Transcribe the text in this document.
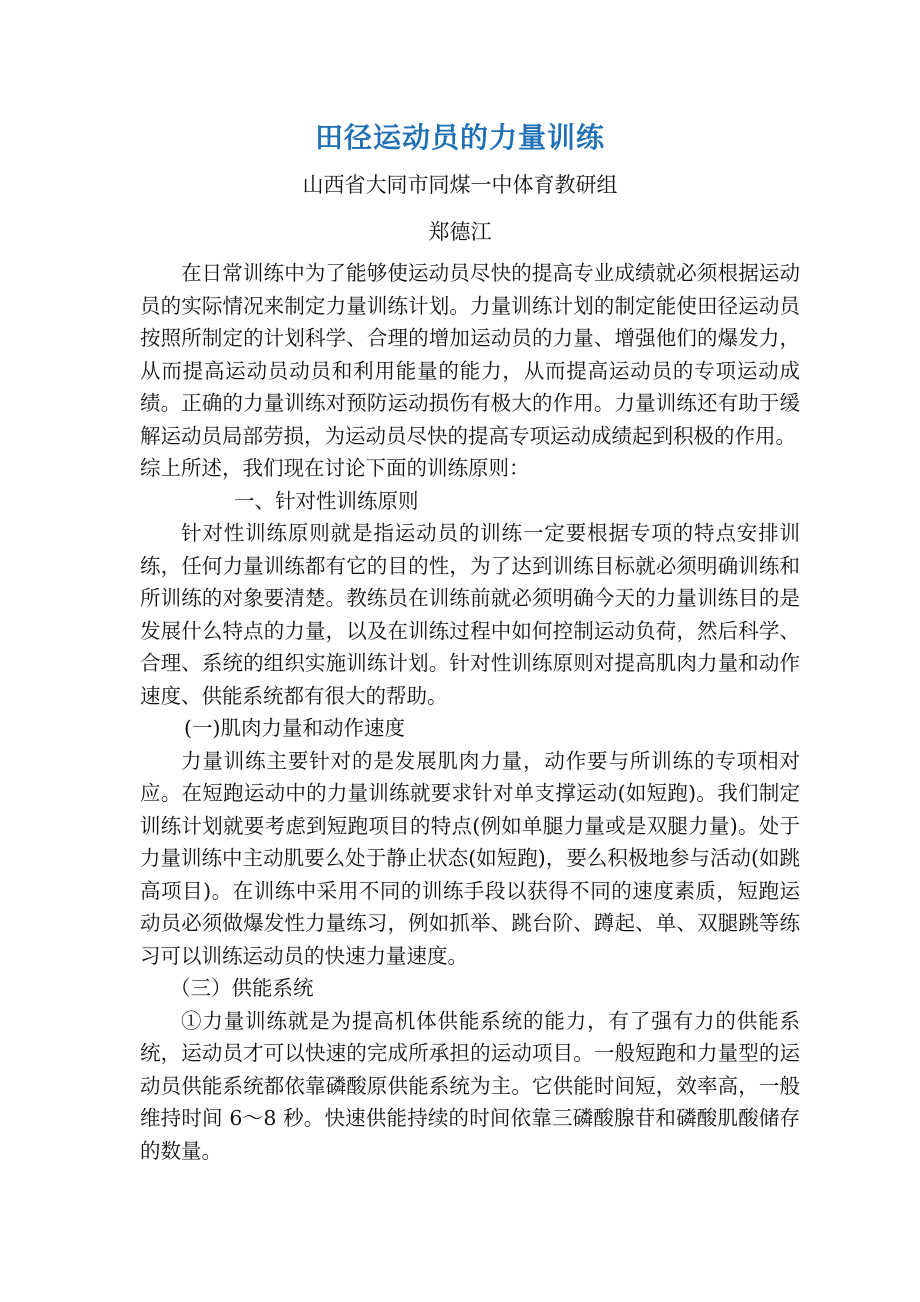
田径运动员的力量训练
山西省大同市同煤一中体育教研组
郑德江

在日常训练中为了能够使运动员尽快的提高专业成绩就必须根据运动员的实际情况来制定力量训练计划。力量训练计划的制定能使田径运动员按照所制定的计划科学、合理的增加运动员的力量、增强他们的爆发力，从而提高运动员动员和利用能量的能力，从而提高运动员的专项运动成绩。正确的力量训练对预防运动损伤有极大的作用。力量训练还有助于缓解运动员局部劳损，为运动员尽快的提高专项运动成绩起到积极的作用。

综上所述，我们现在讨论下面的训练原则：

一、针对性训练原则

针对性训练原则就是指运动员的训练一定要根据专项的特点安排训练，任何力量训练都有它的目的性，为了达到训练目标就必须明确训练和所训练的对象要清楚。教练员在训练前就必须明确今天的力量训练目的是发展什么特点的力量，以及在训练过程中如何控制运动负荷，然后科学、合理、系统的组织实施训练计划。针对性训练原则对提高肌肉力量和动作速度、供能系统都有很大的帮助。

(一)肌肉力量和动作速度

力量训练主要针对的是发展肌肉力量，动作要与所训练的专项相对应。在短跑运动中的力量训练就要求针对单支撑运动(如短跑)。我们制定训练计划就要考虑到短跑项目的特点(例如单腿力量或是双腿力量)。处于力量训练中主动肌要么处于静止状态(如短跑)，要么积极地参与活动(如跳高项目)。在训练中采用不同的训练手段以获得不同的速度素质，短跑运动员必须做爆发性力量练习，例如抓举、跳台阶、蹲起、单、双腿跳等练习可以训练运动员的快速力量速度。

（三）供能系统

①力量训练就是为提高机体供能系统的能力，有了强有力的供能系统，运动员才可以快速的完成所承担的运动项目。一般短跑和力量型的运动员供能系统都依靠磷酸原供能系统为主。它供能时间短，效率高，一般维持时间 6～8 秒。快速供能持续的时间依靠三磷酸腺苷和磷酸肌酸储存的数量。
